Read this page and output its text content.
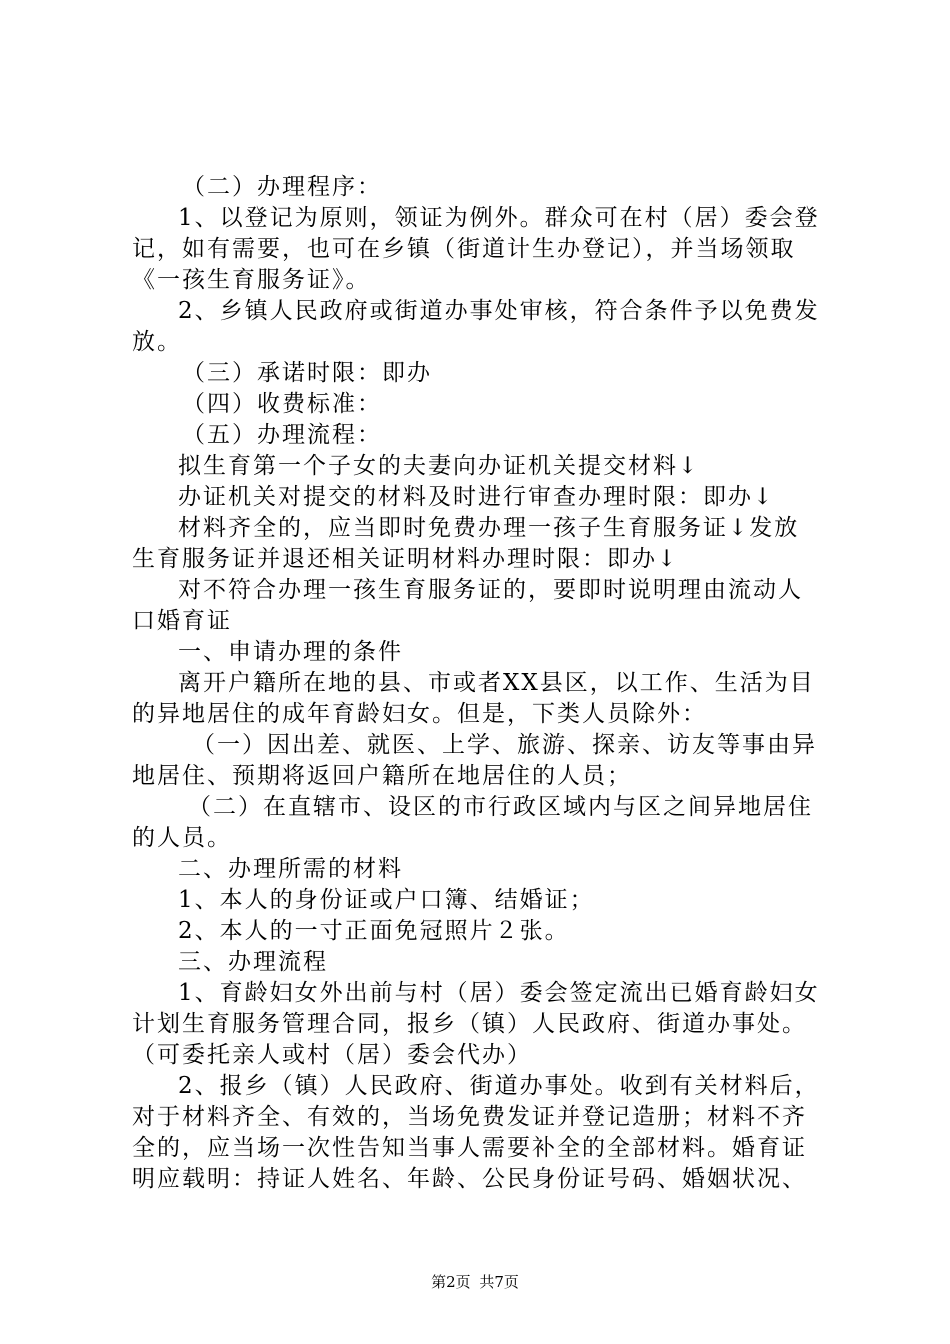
（二）办理程序：
1、以登记为原则，领证为例外。群众可在村（居）委会登
记，如有需要，也可在乡镇（街道计生办登记），并当场领取
《一孩生育服务证》。
2、乡镇人民政府或街道办事处审核，符合条件予以免费发
放。
（三）承诺时限：即办
（四）收费标准：
（五）办理流程：
拟生育第一个子女的夫妻向办证机关提交材料↓
办证机关对提交的材料及时进行审查办理时限：即办↓
材料齐全的，应当即时免费办理一孩子生育服务证↓发放
生育服务证并退还相关证明材料办理时限：即办↓
对不符合办理一孩生育服务证的，要即时说明理由流动人
口婚育证
一、申请办理的条件
离开户籍所在地的县、市或者XX县区，以工作、生活为目
的异地居住的成年育龄妇女。但是，下类人员除外：
（一）因出差、就医、上学、旅游、探亲、访友等事由异
地居住、预期将返回户籍所在地居住的人员；
（二）在直辖市、设区的市行政区域内与区之间异地居住
的人员。
二、办理所需的材料
1、本人的身份证或户口簿、结婚证；
2、本人的一寸正面免冠照片２张。
三、办理流程
1、育龄妇女外出前与村（居）委会签定流出已婚育龄妇女
计划生育服务管理合同，报乡（镇）人民政府、街道办事处。
（可委托亲人或村（居）委会代办）
2、报乡（镇）人民政府、街道办事处。收到有关材料后，
对于材料齐全、有效的，当场免费发证并登记造册；材料不齐
全的，应当场一次性告知当事人需要补全的全部材料。婚育证
明应载明：持证人姓名、年龄、公民身份证号码、婚姻状况、
第2页 共7页
